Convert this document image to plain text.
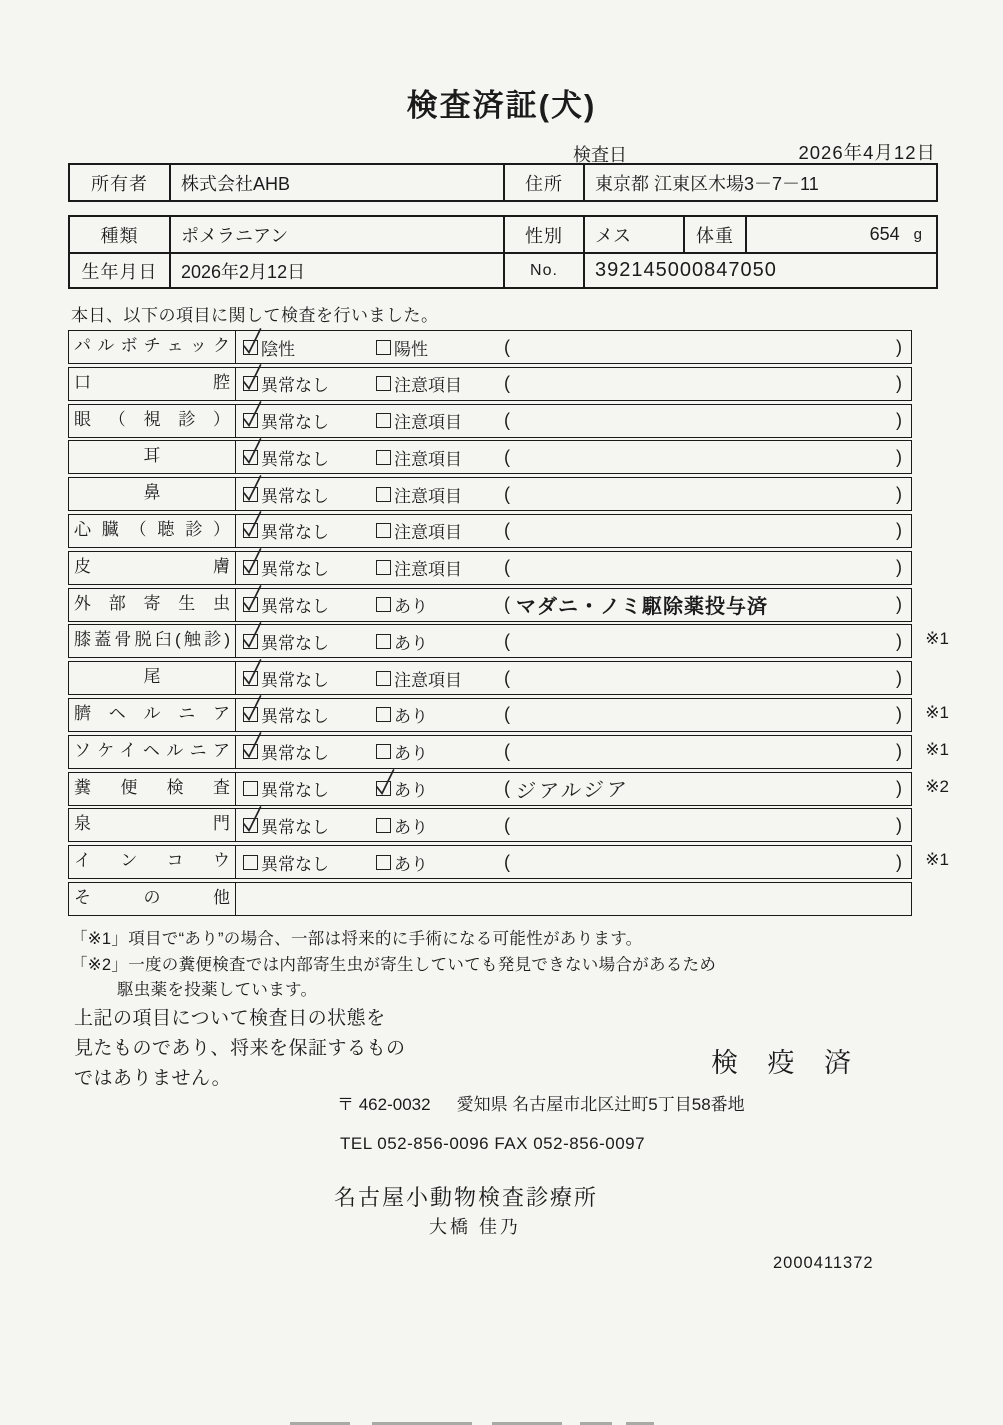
検査済証(犬)
検査日	2026年4月12日
所有者	株式会社AHB	住所	東京都 江東区木場3－7－11
種類	ポメラニアン	性別	メス	体重	654 g
生年月日	2026年2月12日	No.	392145000847050
本日、以下の項目に関して検査を行いました。
パルボチェック	陰性	陽性	(	)
口腔	異常なし	注意項目 (	)
眼（視診）	異常なし	注意項目 (	)
耳	異常なし	注意項目 (	)
鼻	異常なし	注意項目 (	)
心臓（聴診）	異常なし	注意項目 (	)
皮膚	異常なし	注意項目 (	)
外部寄生虫	異常なし	あり	( マダニ・ノミ駆除薬投与済	)
膝蓋骨脱臼(触診)	異常なし	あり	(	) ※1
尾	異常なし	注意項目 (	)
臍ヘルニア	異常なし	あり	(	) ※1
ソケイヘルニア	異常なし	あり	(	) ※1
糞便検査	異常なし	あり	( ジアルジア	) ※2
泉門	異常なし	あり	(	)
インコウ	異常なし	あり	(	) ※1
その他
「※1」項目で“あり”の場合、一部は将来的に手術になる可能性があります。
「※2」一度の糞便検査では内部寄生虫が寄生していても発見できない場合があるため
駆虫薬を投薬しています。
上記の項目について検査日の状態を
見たものであり、将来を保証するもの
ではありません。
検 疫 済
〒 462-0032 愛知県 名古屋市北区辻町5丁目58番地
TEL 052-856-0096 FAX 052-856-0097
名古屋小動物検査診療所
大橋 佳乃
2000411372
